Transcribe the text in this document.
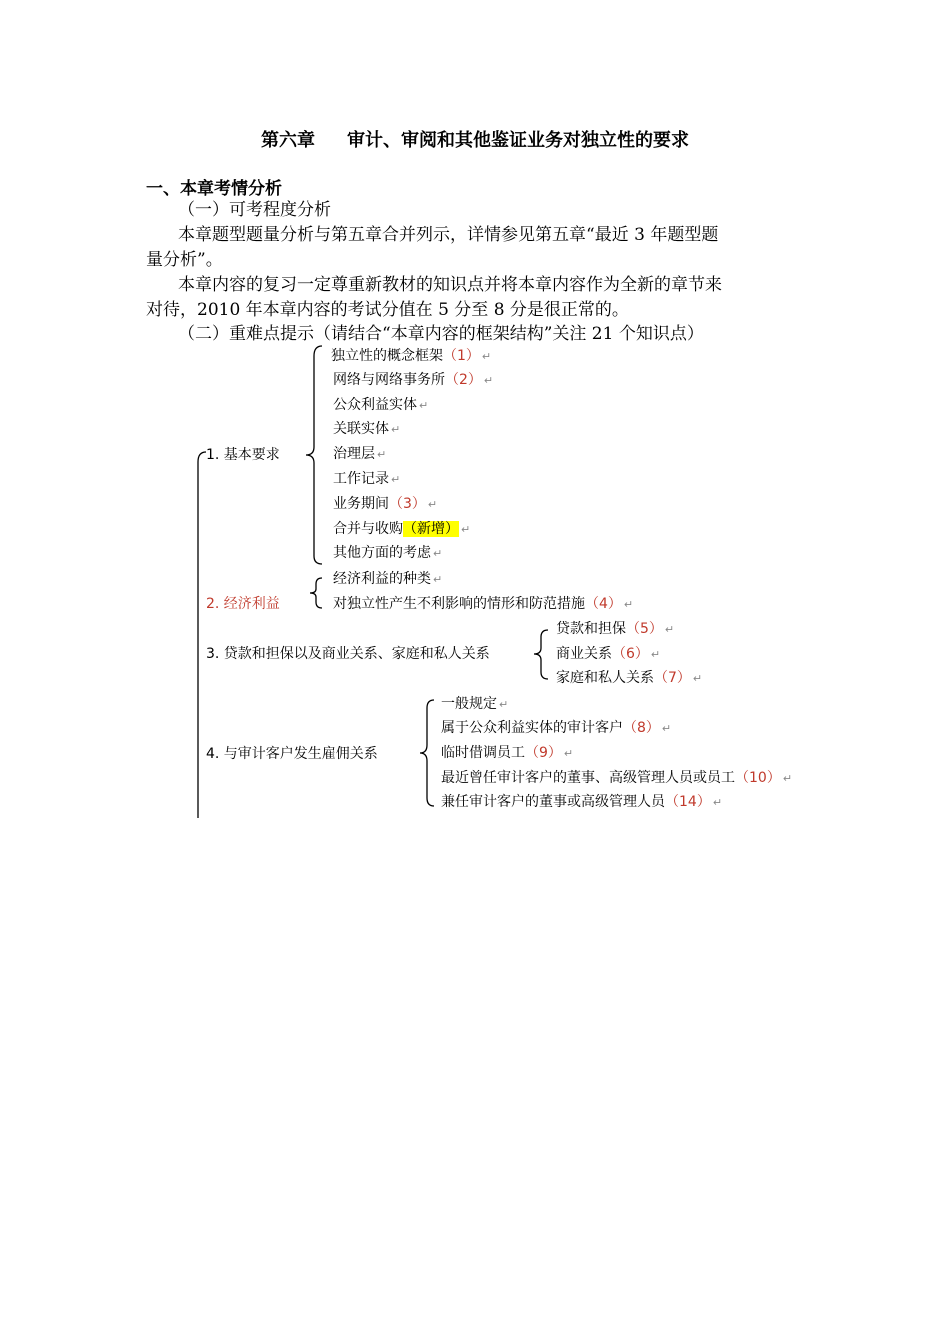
第六章 审计、审阅和其他鉴证业务对独立性的要求
一、本章考情分析
（一）可考程度分析
本章题型题量分析与第五章合并列示，详情参见第五章“最近 3 年题型题
量分析”。
本章内容的复习一定尊重新教材的知识点并将本章内容作为全新的章节来
对待，2010 年本章内容的考试分值在 5 分至 8 分是很正常的。
（二）重难点提示（请结合“本章内容的框架结构”关注 21 个知识点）
1. 基本要求
独立性的概念框架（1） ↵
网络与网络事务所（2） ↵
公众利益实体 ↵
关联实体 ↵
治理层 ↵
工作记录 ↵
业务期间（3） ↵
合并与收购（新增） ↵
其他方面的考虑 ↵
2. 经济利益
经济利益的种类 ↵
对独立性产生不利影响的情形和防范措施（4） ↵
3. 贷款和担保以及商业关系、家庭和私人关系
贷款和担保（5） ↵
商业关系（6） ↵
家庭和私人关系（7） ↵
4. 与审计客户发生雇佣关系
一般规定 ↵
属于公众利益实体的审计客户（8） ↵
临时借调员工（9） ↵
最近曾任审计客户的董事、高级管理人员或员工（10） ↵
兼任审计客户的董事或高级管理人员（14） ↵
